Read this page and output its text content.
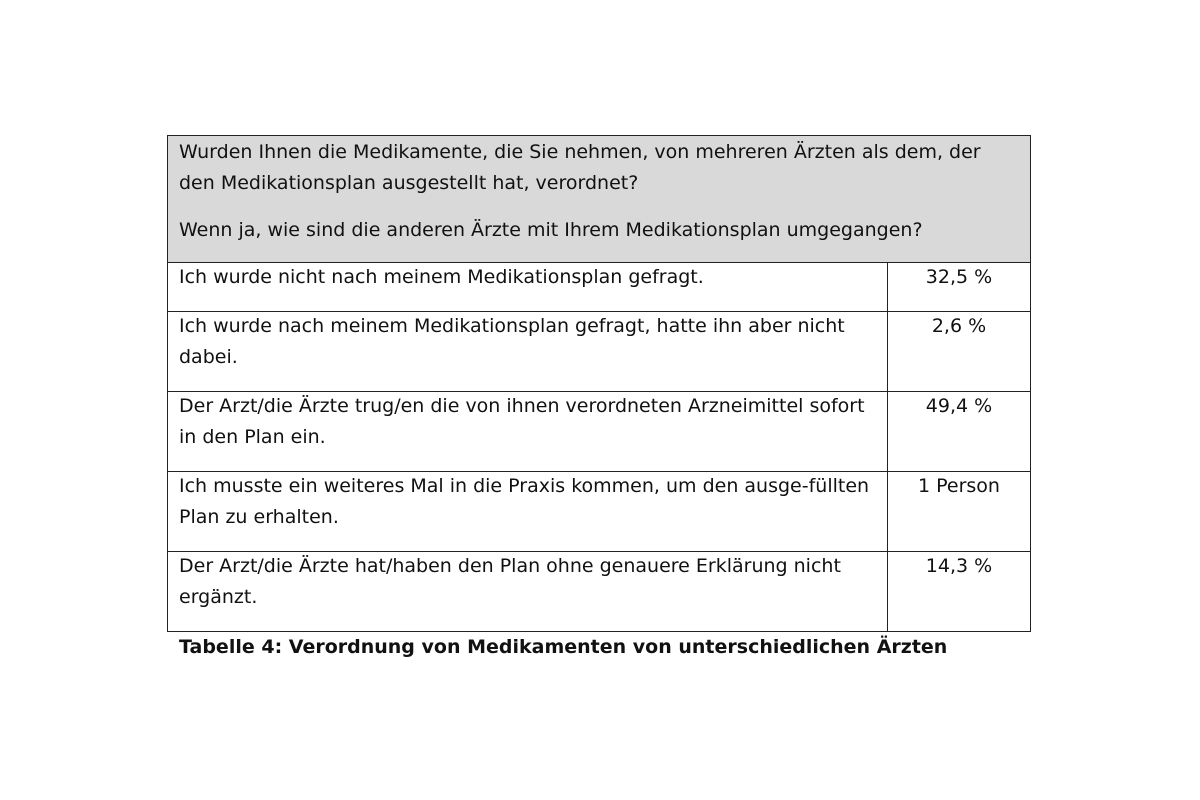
Wurden Ihnen die Medikamente, die Sie nehmen, von mehreren Ärzten als dem, der den Medikationsplan ausgestellt hat, verordnet?

Wenn ja, wie sind die anderen Ärzte mit Ihrem Medikationsplan umgegangen?	

Ich wurde nicht nach meinem Medikationsplan gefragt.	32,5 %

Ich wurde nach meinem Medikationsplan gefragt, hatte ihn aber nicht dabei.	2,6 %

Der Arzt/die Ärzte trug/en die von ihnen verordneten Arzneimittel sofort in den Plan ein.	49,4 %

Ich musste ein weiteres Mal in die Praxis kommen, um den ausge-füllten Plan zu erhalten.	1 Person

Der Arzt/die Ärzte hat/haben den Plan ohne genauere Erklärung nicht ergänzt.	14,3 %
Tabelle 4: Verordnung von Medikamenten von unterschiedlichen Ärzten
